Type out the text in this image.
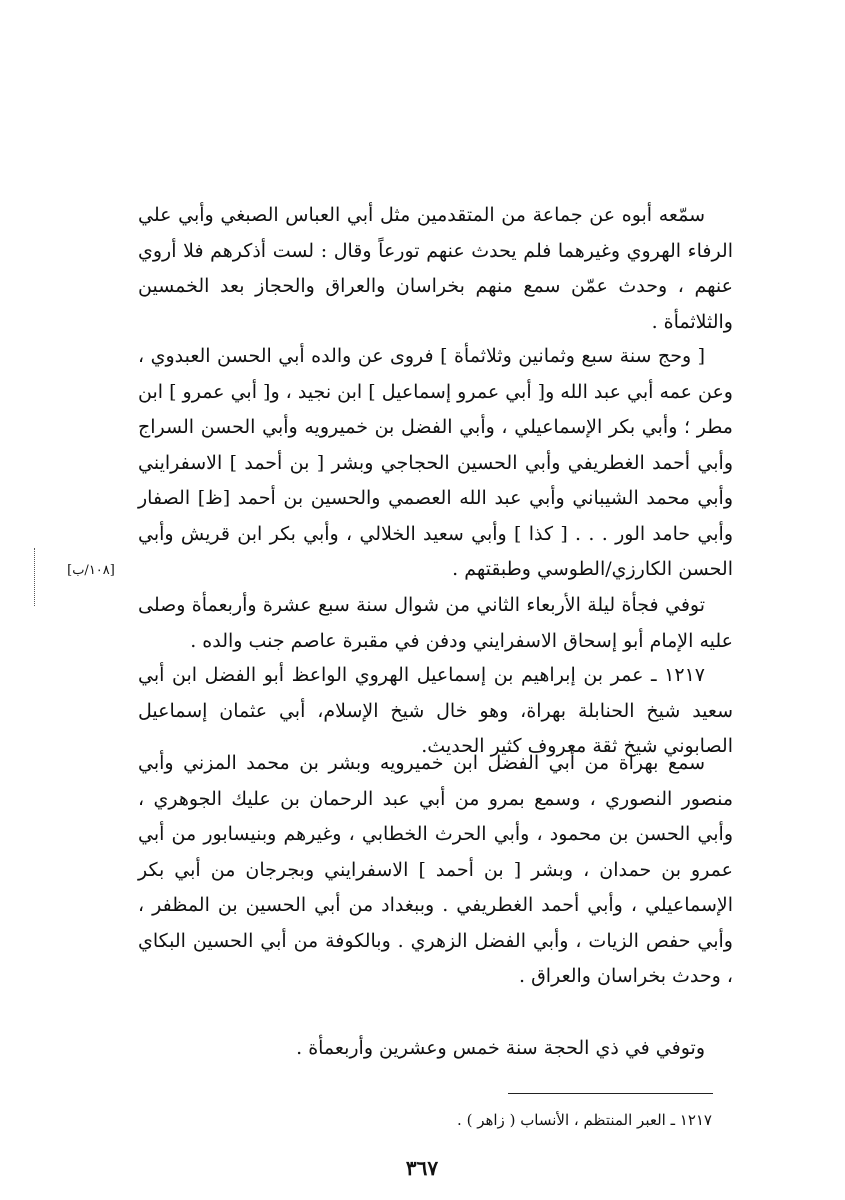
سمّعه أبوه عن جماعة من المتقدمين مثل أبي العباس الصبغي وأبي علي الرفاء الهروي وغيرهما فلم يحدث عنهم تورعاً وقال : لست أذكرهم فلا أروي عنهم ، وحدث عمّن سمع منهم بخراسان والعراق والحجاز بعد الخمسين والثلاثمأة .

[ وحج سنة سبع وثمانين وثلاثمأة ] فروى عن والده أبي الحسن العبدوي ، وعن عمه أبي عبد الله و[ أبي عمرو إسماعيل ] ابن نجيد ، و[ أبي عمرو ] ابن مطر ؛ وأبي بكر الإسماعيلي ، وأبي الفضل بن خميرويه وأبي الحسن السراج وأبي أحمد الغطريفي وأبي الحسين الحجاجي وبشر [ بن أحمد ] الاسفرايني وأبي محمد الشيباني وأبي عبد الله العصمي والحسين بن أحمد [ظ] الصفار وأبي حامد الور . . . [ كذا ] وأبي سعيد الخلالي ، وأبي بكر ابن قريش وأبي الحسن الكارزي/الطوسي وطبقتهم .

توفي فجأة ليلة الأربعاء الثاني من شوال سنة سبع عشرة وأربعمأة وصلى عليه الإمام أبو إسحاق الاسفرايني ودفن في مقبرة عاصم جنب والده .

١٢١٧ ـ عمر بن إبراهيم بن إسماعيل الهروي الواعظ أبو الفضل ابن أبي سعيد شيخ الحنابلة بهراة، وهو خال شيخ الإسلام، أبي عثمان إسماعيل الصابوني شيخ ثقة معروف كثير الحديث.

سمع بهراة من أبي الفضل ابن خميرويه وبشر بن محمد المزني وأبي منصور النصوري ، وسمع بمرو من أبي عبد الرحمان بن عليك الجوهري ، وأبي الحسن بن محمود ، وأبي الحرث الخطابي ، وغيرهم وبنيسابور من أبي عمرو بن حمدان ، وبشر [ بن أحمد ] الاسفرايني وبجرجان من أبي بكر الإسماعيلي ، وأبي أحمد الغطريفي . وببغداد من أبي الحسين بن المظفر ، وأبي حفص الزيات ، وأبي الفضل الزهري . وبالكوفة من أبي الحسين البكاي ، وحدث بخراسان والعراق .

وتوفي في ذي الحجة سنة خمس وعشرين وأربعمأة .

[١٠٨/ب]
١٢١٧ ـ العبر المنتظم ، الأنساب ( زاهر ) .
٣٦٧
